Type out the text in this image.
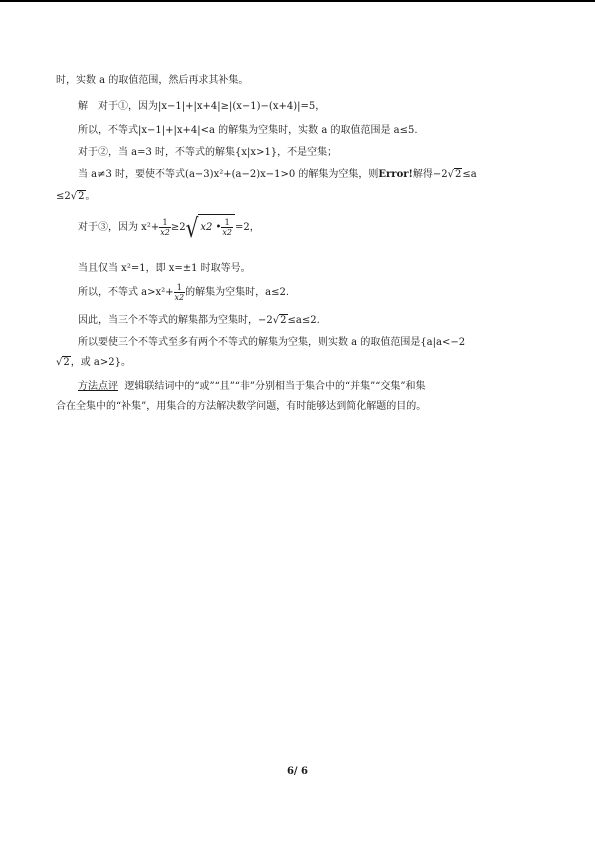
时，实数 a 的取值范围，然后再求其补集。
解　对于①，因为|x−1|+|x+4|≥|(x−1)−(x+4)|=5，
所以，不等式|x−1|+|x+4|<a 的解集为空集时，实数 a 的取值范围是 a≤5.
对于②，当 a=3 时，不等式的解集{x|x>1}，不是空集；
当 a≠3 时，要使不等式(a−3)x²+(a−2)x−1>0 的解集为空集，则Error!解得−2√2≤a
≤2√2。
对于③，因为 $x^2+ \frac{1}{x2} \ge 2√$ x2 • $\frac{1}{x2} =2$，
当且仅当 x²=1，即 x=±1 时取等号。
所以，不等式 $a>x^2+ \frac{1}{x2}$ 的解集为空集时，a≤2.
因此，当三个不等式的解集都为空集时，−2√2≤a≤2.
所以要使三个不等式至多有两个不等式的解集为空集，则实数 a 的取值范围是{a|a<−2
√2，或 a>2}。
方法点评 逻辑联结词中的“或”“且”“非”分别相当于集合中的“并集”“交集”和集
合在全集中的“补集”，用集合的方法解决数学问题，有时能够达到简化解题的目的。
6/ 6
